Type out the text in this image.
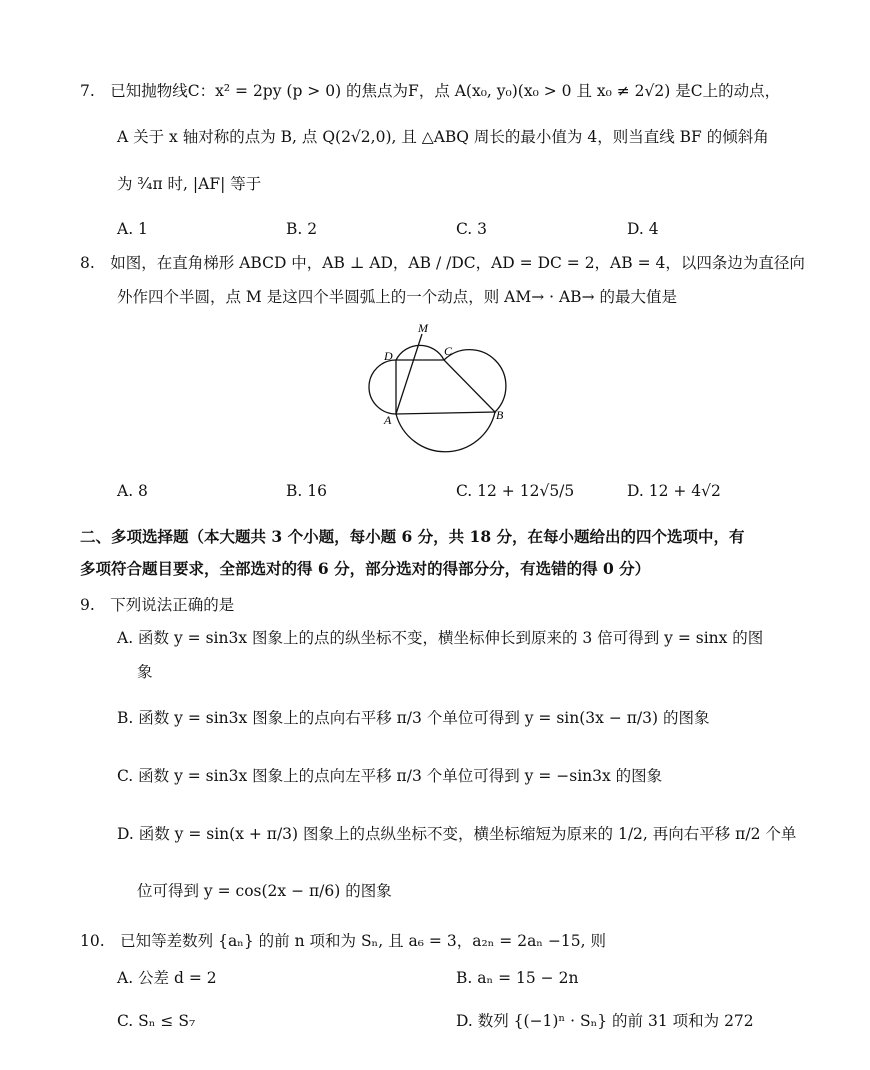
7.　已知抛物线C：x² = 2py (p > 0) 的焦点为F，点 A(x₀, y₀)(x₀ > 0 且 x₀ ≠ 2√2) 是C上的动点，
A 关于 x 轴对称的点为 B, 点 Q(2√2,0), 且 △ABQ 周长的最小值为 4，则当直线 BF 的倾斜角
为 ³⁄₄π 时, |AF| 等于
A. 1	B. 2	C. 3	D. 4
8.　如图，在直角梯形 ABCD 中，AB ⊥ AD，AB / /DC，AD = DC = 2，AB = 4，以四条边为直径向
外作四个半圆，点 M 是这四个半圆弧上的一个动点，则 AM→ · AB→ 的最大值是
M
D	C
A	B
A. 8	B. 16	C. 12 + 12√5/5	D. 12 + 4√2
二、多项选择题（本大题共 3 个小题，每小题 6 分，共 18 分，在每小题给出的四个选项中，有
多项符合题目要求，全部选对的得 6 分，部分选对的得部分分，有选错的得 0 分）
9.　下列说法正确的是
A. 函数 y = sin3x 图象上的点的纵坐标不变，横坐标伸长到原来的 3 倍可得到 y = sinx 的图
象
B. 函数 y = sin3x 图象上的点向右平移 π/3 个单位可得到 y = sin(3x − π/3) 的图象
C. 函数 y = sin3x 图象上的点向左平移 π/3 个单位可得到 y = −sin3x 的图象
D. 函数 y = sin(x + π/3) 图象上的点纵坐标不变，横坐标缩短为原来的 1/2, 再向右平移 π/2 个单
位可得到 y = cos(2x − π/6) 的图象
10.　已知等差数列 {aₙ} 的前 n 项和为 Sₙ, 且 a₆ = 3，a₂ₙ = 2aₙ −15, 则
A. 公差 d = 2	B. aₙ = 15 − 2n
C. Sₙ ≤ S₇	D. 数列 {(−1)ⁿ · Sₙ} 的前 31 项和为 272
